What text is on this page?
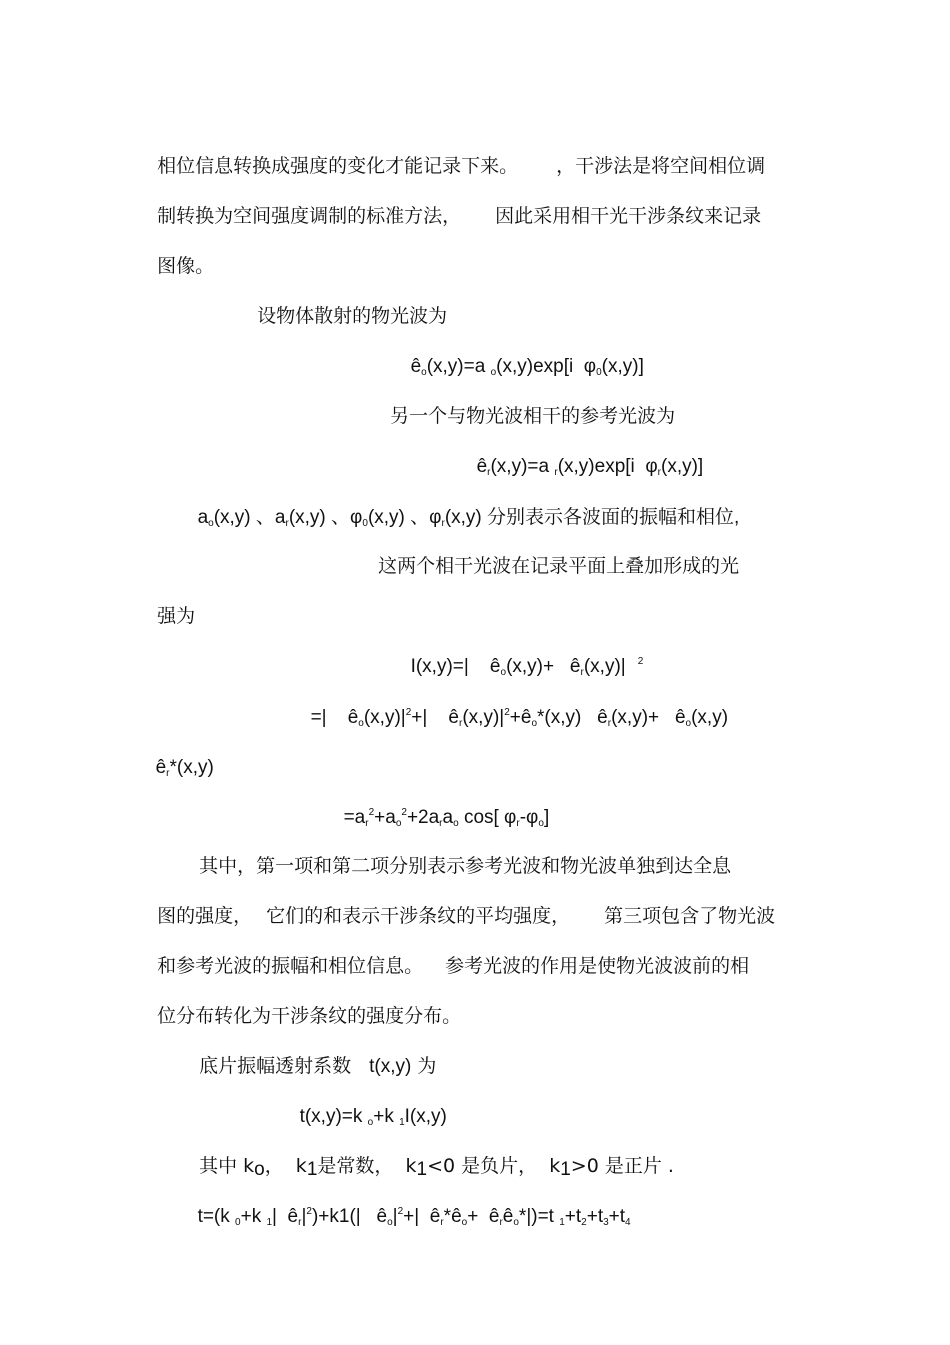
相位信息转换成强度的变化才能记录下来。 ，干涉法是将空间相位调

制转换为空间强度调制的标准方法， 因此采用相干光干涉条纹来记录

图像。

设物体散射的物光波为

$ê_o(x,y)=a$ $_o$(x,y)exp[i  $\varphi_0(x,y)$]

另一个与物光波相干的参考光波为

$ê_r(x,y)=a$ $_r$(x,y)exp[i  $\varphi_r(x,y)$]

$a_o(x,y)$ 、$a_r(x,y)$ 、$\varphi_0(x,y)$ 、$\varphi_r(x,y)$ 分别表示各波面的振幅和相位,

这两个相干光波在记录平面上叠加形成的光

强为

I(x,y)=|    $ê_o(x,y)+$   $ê_r(x,y)|$ $^2$

=|    $ê_o(x,y)|^2+|$    $ê_r(x,y)|^2+ê_o*(x,y)$   $ê_r(x,y)+$   $ê_o(x,y)$

$ê_r*(x,y)$

$=a_r^2+a_o^2+2a_ra_o$ cos[ $\varphi_r-\varphi_o$]

其中，第一项和第二项分别表示参考光波和物光波单独到达全息

图的强度， 它们的和表示干涉条纹的平均强度， 第三项包含了物光波

和参考光波的振幅和相位信息。 参考光波的作用是使物光波波前的相

位分布转化为干涉条纹的强度分布。

底片振幅透射系数 t(x,y) 为

t(x,y)=k $_o$+k $_1$I(x,y)

其中 $k_o$，  $k_1$是常数，  $k_1<0$ 是负片，  $k_1>0$ 是正片 .

t=(k $_0$+k $_1$|  $ê_r|^2)+k1(|$   $ê_o|^2+|$  $ê_r*ê_o+$  $ê_rê_o*|)=t$ $_1+t_2+t_3+t_4$
